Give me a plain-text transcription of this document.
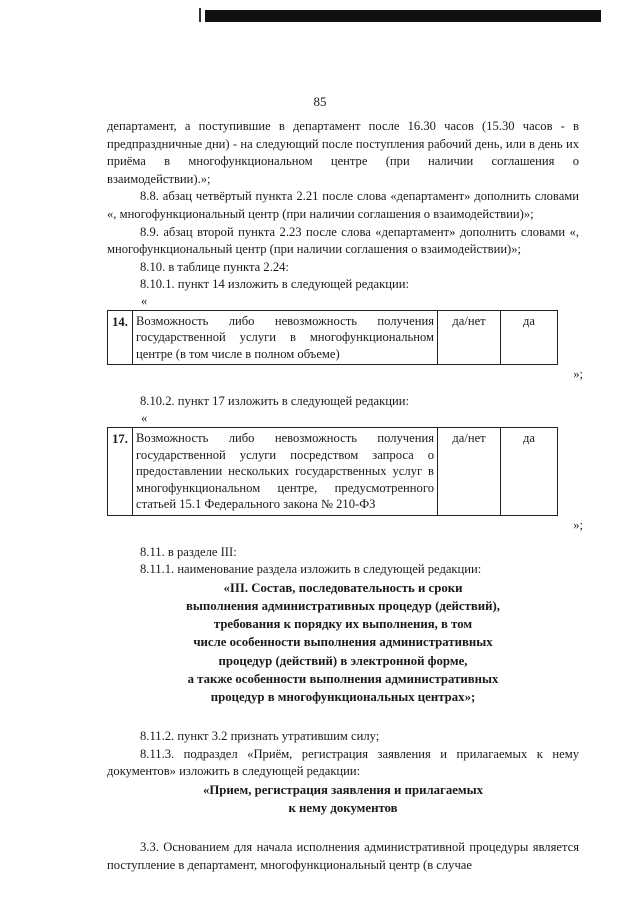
85

департамент, а поступившие в департамент после 16.30 часов (15.30 часов - в предпраздничные дни) - на следующий после поступления рабочий день, или в день их приёма в многофункциональном центре (при наличии соглашения о взаимодействии).»;

8.8. абзац четвёртый пункта 2.21 после слова «департамент» дополнить словами «, многофункциональный центр (при наличии соглашения о взаимодействии)»;

8.9. абзац второй пункта 2.23 после слова «департамент» дополнить словами «, многофункциональный центр (при наличии соглашения о взаимодействии)»;

8.10. в таблице пункта 2.24:

8.10.1. пункт 14 изложить в следующей редакции:

«

14.	Возможность либо невозможность получения государственной услуги в многофункциональном центре (в том числе в полном объеме)	да/нет	да

»;

8.10.2. пункт 17 изложить в следующей редакции:

«

17.	Возможность либо невозможность получения государственной услуги посредством запроса о предоставлении нескольких государственных услуг в многофункциональном центре, предусмотренного статьей 15.1 Федерального закона № 210-ФЗ	да/нет	да

»;

8.11. в разделе III:

8.11.1. наименование раздела изложить в следующей редакции:

«III. Состав, последовательность и сроки

выполнения административных процедур (действий),

требования к порядку их выполнения, в том

числе особенности выполнения административных

процедур (действий) в электронной форме,

а также особенности выполнения административных

процедур в многофункциональных центрах»;

8.11.2. пункт 3.2 признать утратившим силу;

8.11.3. подраздел «Приём, регистрация заявления и прилагаемых к нему документов» изложить в следующей редакции:

«Прием, регистрация заявления и прилагаемых

к нему документов

3.3. Основанием для начала исполнения административной процедуры является поступление в департамент, многофункциональный центр (в случае
